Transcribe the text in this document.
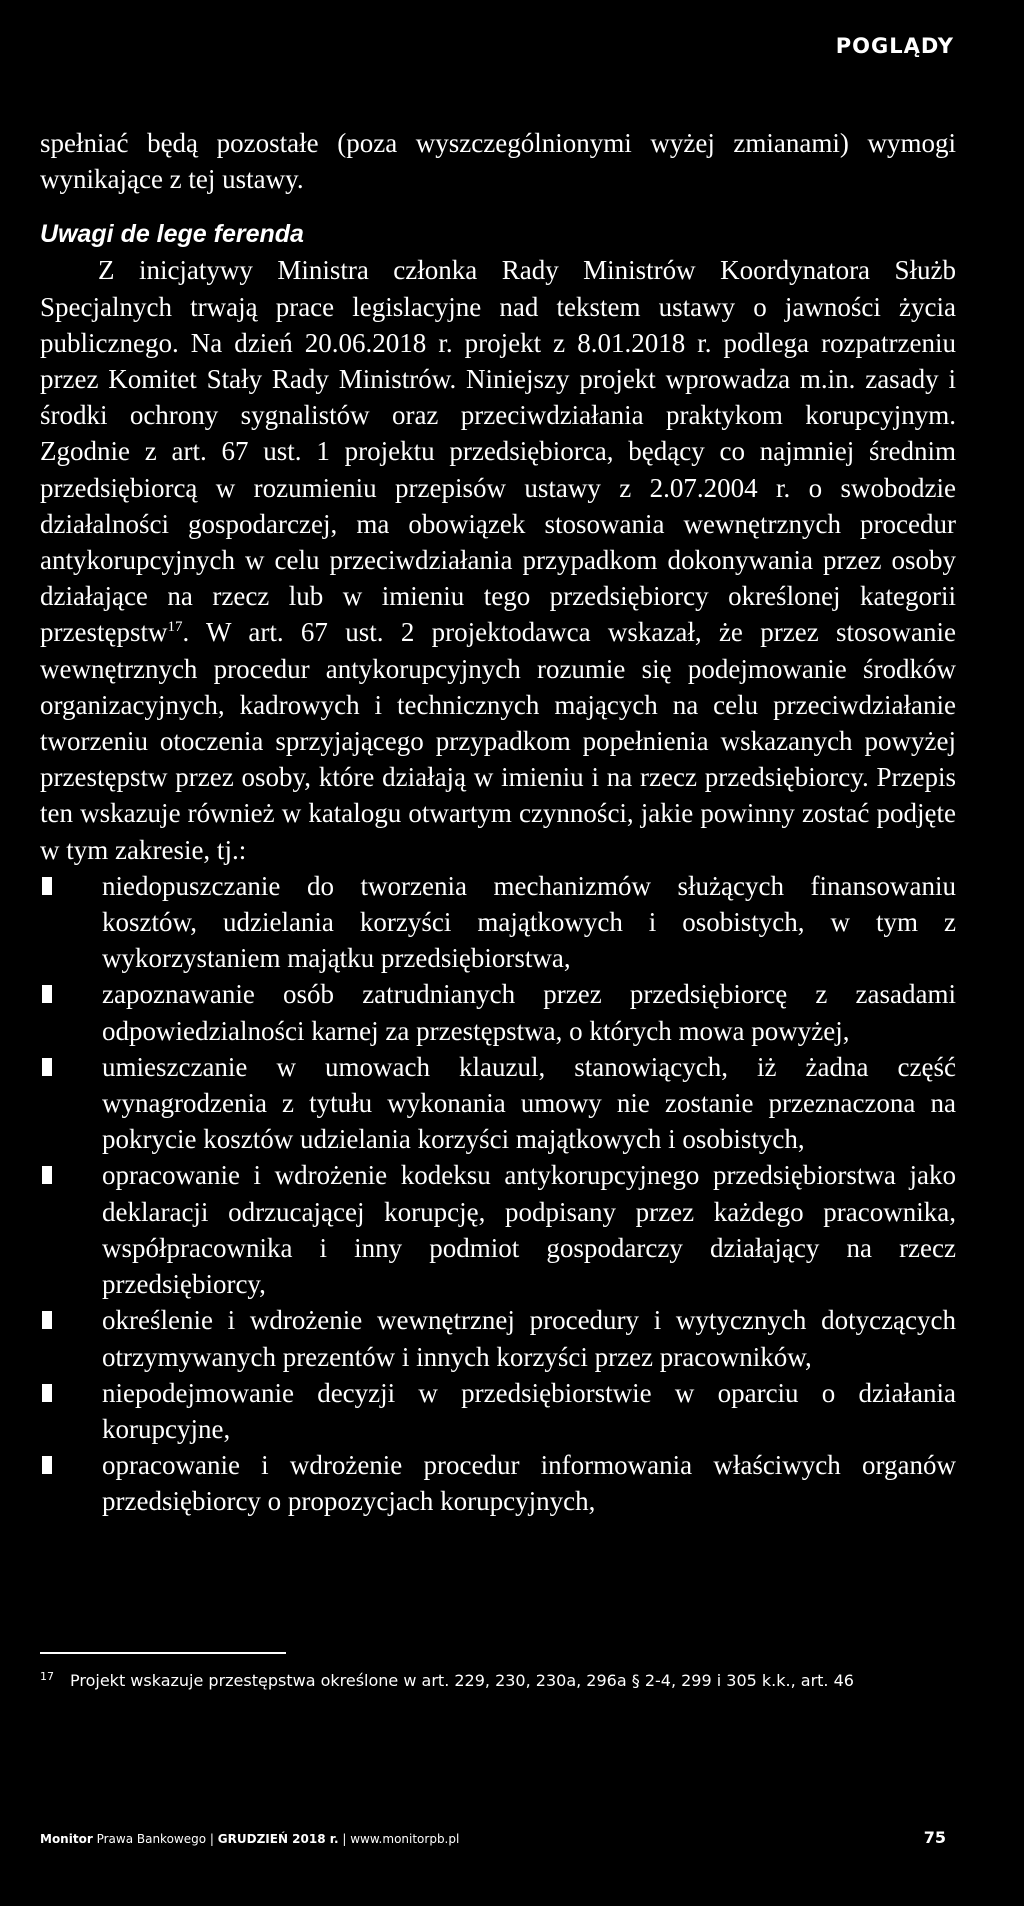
POGLĄDY

spełniać będą pozostałe (poza wyszczególnionymi wyżej zmianami) wymogi wynikające z tej ustawy.

Uwagi de lege ferenda

Z inicjatywy Ministra członka Rady Ministrów Koordynatora Służb Specjalnych trwają prace legislacyjne nad tekstem ustawy o jawności życia publicznego. Na dzień 20.06.2018 r. projekt z 8.01.2018 r. podlega rozpatrzeniu przez Komitet Stały Rady Ministrów. Niniejszy projekt wprowadza m.in. zasady i środki ochrony sygnalistów oraz przeciwdziałania praktykom korupcyjnym. Zgodnie z art. 67 ust. 1 projektu przedsiębiorca, będący co najmniej średnim przedsiębiorcą w rozumieniu przepisów ustawy z 2.07.2004 r. o swobodzie działalności gospodarczej, ma obowiązek stosowania wewnętrznych procedur antykorupcyjnych w celu przeciwdziałania przypadkom dokonywania przez osoby działające na rzecz lub w imieniu tego przedsiębiorcy określonej kategorii przestępstw$^{17}$. W art. 67 ust. 2 projektodawca wskazał, że przez stosowanie wewnętrznych procedur antykorupcyjnych rozumie się podejmowanie środków organizacyjnych, kadrowych i technicznych mających na celu przeciwdziałanie tworzeniu otoczenia sprzyjającego przypadkom popełnienia wskazanych powyżej przestępstw przez osoby, które działają w imieniu i na rzecz przedsiębiorcy. Przepis ten wskazuje również w katalogu otwartym czynności, jakie powinny zostać podjęte w tym zakresie, tj.:

niedopuszczanie do tworzenia mechanizmów służących finansowaniu kosztów, udzielania korzyści majątkowych i osobistych, w tym z wykorzystaniem majątku przedsiębiorstwa,
zapoznawanie osób zatrudnianych przez przedsiębiorcę z zasadami odpowiedzialności karnej za przestępstwa, o których mowa powyżej,
umieszczanie w umowach klauzul, stanowiących, iż żadna część wynagrodzenia z tytułu wykonania umowy nie zostanie przeznaczona na pokrycie kosztów udzielania korzyści majątkowych i osobistych,
opracowanie i wdrożenie kodeksu antykorupcyjnego przedsiębiorstwa jako deklaracji odrzucającej korupcję, podpisany przez każdego pracownika, współpracownika i inny podmiot gospodarczy działający na rzecz przedsiębiorcy,
określenie i wdrożenie wewnętrznej procedury i wytycznych dotyczących otrzymywanych prezentów i innych korzyści przez pracowników,
niepodejmowanie decyzji w przedsiębiorstwie w oparciu o działania korupcyjne,
opracowanie i wdrożenie procedur informowania właściwych organów przedsiębiorcy o propozycjach korupcyjnych,
$^{17}$ Projekt wskazuje przestępstwa określone w art. 229, 230, 230a, 296a § 2-4, 299 i 305 k.k., art. 46
Monitor Prawa Bankowego | GRUDZIEŃ 2018 r. | www.monitorpb.pl	75
